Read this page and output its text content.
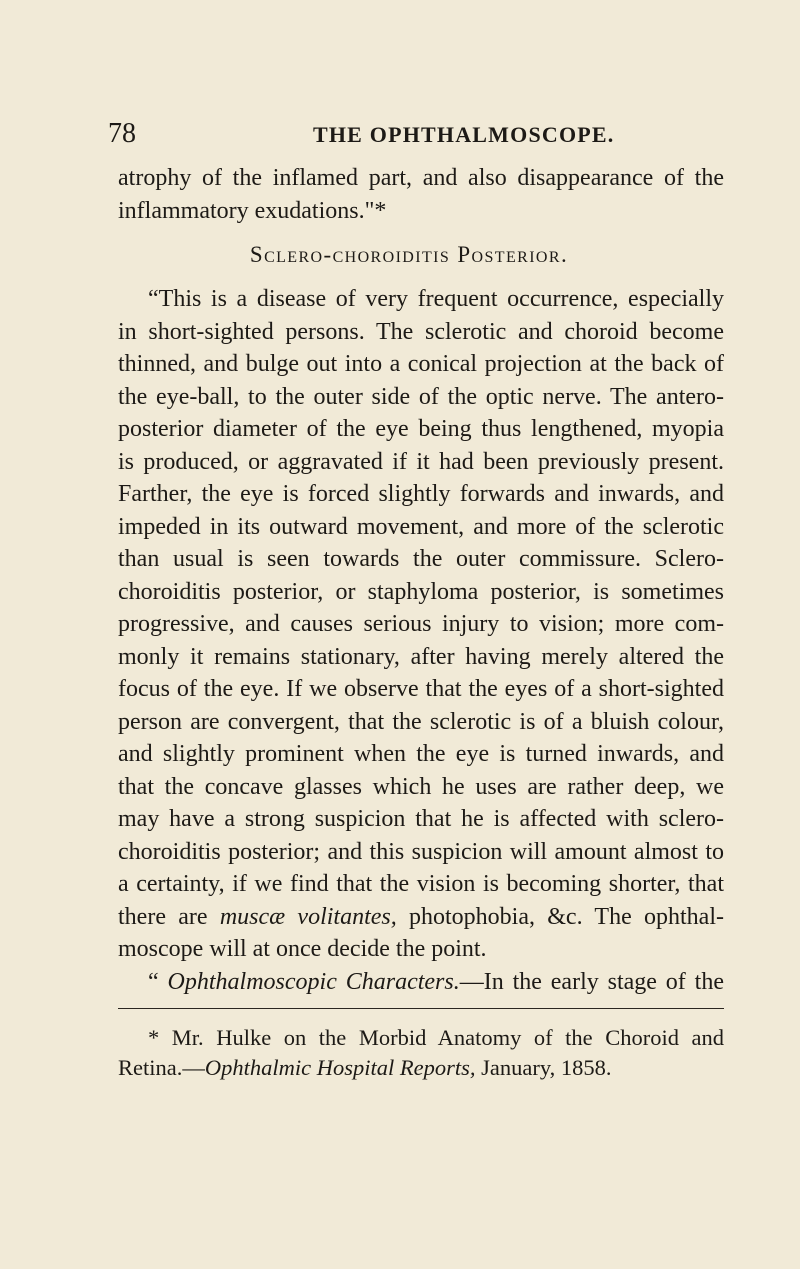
78	THE OPHTHALMOSCOPE.
atrophy of the inflamed part, and also disappearance of the
inflammatory exudations."*
Sclero-choroiditis Posterior.
“This is a disease of very frequent occurrence, especially
in short-sighted persons. The sclerotic and choroid become
thinned, and bulge out into a conical projection at the back of
the eye-ball, to the outer side of the optic nerve. The antero-
posterior diameter of the eye being thus lengthened, myopia
is produced, or aggravated if it had been previously present.
Farther, the eye is forced slightly forwards and inwards, and
impeded in its outward movement, and more of the sclerotic
than usual is seen towards the outer commissure. Sclero-
choroiditis posterior, or staphyloma posterior, is sometimes
progressive, and causes serious injury to vision; more com-
monly it remains stationary, after having merely altered the
focus of the eye. If we observe that the eyes of a short-sighted
person are convergent, that the sclerotic is of a bluish colour,
and slightly prominent when the eye is turned inwards, and
that the concave glasses which he uses are rather deep, we
may have a strong suspicion that he is affected with sclero-
choroiditis posterior; and this suspicion will amount almost to
a certainty, if we find that the vision is becoming shorter, that
there are muscæ volitantes, photophobia, &c. The ophthal-
moscope will at once decide the point.
“ Ophthalmoscopic Characters.—In the early stage of the
* Mr. Hulke on the Morbid Anatomy of the Choroid and
Retina.—Ophthalmic Hospital Reports, January, 1858.
